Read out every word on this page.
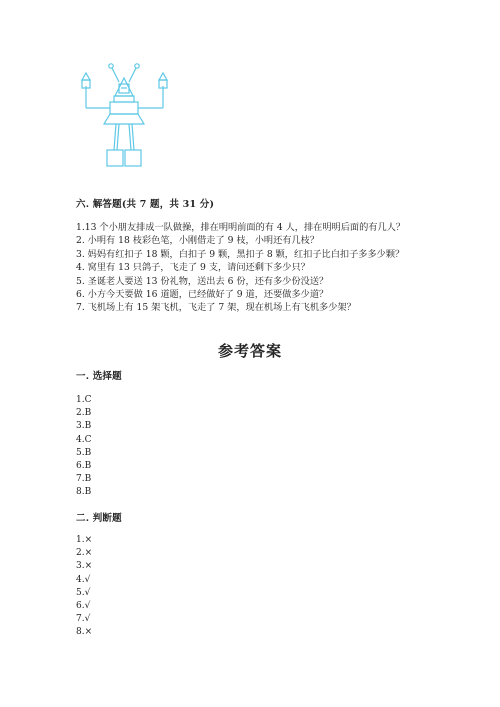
六. 解答题(共 7 题，共 31 分)
1.13 个小朋友排成一队做操，排在明明前面的有 4 人，排在明明后面的有几人？
2. 小明有 18 枝彩色笔，小刚借走了 9 枝，小明还有几枝？
3. 妈妈有红扣子 18 颗，白扣子 9 颗，黑扣子 8 颗，红扣子比白扣子多多少颗？
4. 窝里有 13 只鸽子，飞走了 9 支，请问还剩下多少只？
5. 圣诞老人要送 13 份礼物，送出去 6 份，还有多少份没送？
6. 小方今天要做 16 道题，已经做好了 9 道，还要做多少道？
7. 飞机场上有 15 架飞机，飞走了 7 架，现在机场上有飞机多少架？
参考答案
一. 选择题
1.C
2.B
3.B
4.C
5.B
6.B
7.B
8.B
二. 判断题
1.×
2.×
3.×
4.√
5.√
6.√
7.√
8.×
